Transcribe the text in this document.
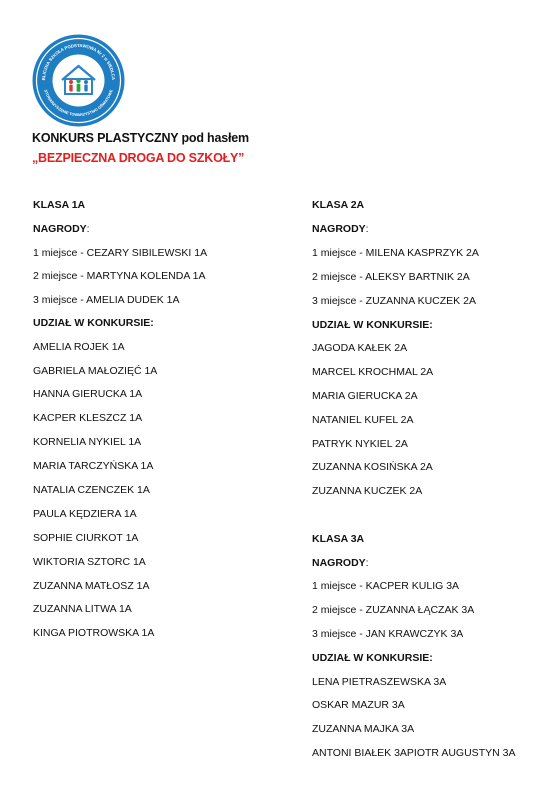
BLICZNA SZKOŁA PODSTAWOWA Nr 2 w SIEDLCA
STOWARZYSZENIE TOWARZYSTWO OŚWIATOWE
KONKURS PLASTYCZNY pod hasłem
„BEZPIECZNA DROGA DO SZKOŁY”
KLASA 1A
NAGRODY:
1 miejsce - CEZARY SIBILEWSKI 1A
2 miejsce - MARTYNA KOLENDA 1A
3 miejsce - AMELIA DUDEK 1A
UDZIAŁ W KONKURSIE:
AMELIA ROJEK 1A
GABRIELA MAŁOZIĘĆ 1A
HANNA GIERUCKA 1A
KACPER KLESZCZ 1A
KORNELIA NYKIEL 1A
MARIA TARCZYŃSKA 1A
NATALIA CZENCZEK 1A
PAULA KĘDZIERA 1A
SOPHIE CIURKOT 1A
WIKTORIA SZTORC 1A
ZUZANNA MATŁOSZ 1A
ZUZANNA LITWA 1A
KINGA PIOTROWSKA 1A
KLASA 2A
NAGRODY:
1 miejsce - MILENA KASPRZYK 2A
2 miejsce - ALEKSY BARTNIK 2A
3 miejsce - ZUZANNA KUCZEK 2A
UDZIAŁ W KONKURSIE:
JAGODA KAŁEK 2A
MARCEL KROCHMAL 2A
MARIA GIERUCKA 2A
NATANIEL KUFEL 2A
PATRYK NYKIEL 2A
ZUZANNA KOSIŃSKA 2A
ZUZANNA KUCZEK 2A
KLASA 3A
NAGRODY:
1 miejsce - KACPER KULIG 3A
2 miejsce - ZUZANNA ŁĄCZAK 3A
3 miejsce - JAN KRAWCZYK 3A
UDZIAŁ W KONKURSIE:
LENA PIETRASZEWSKA 3A
OSKAR MAZUR 3A
ZUZANNA MAJKA 3A
ANTONI BIAŁEK 3APIOTR AUGUSTYN 3A
